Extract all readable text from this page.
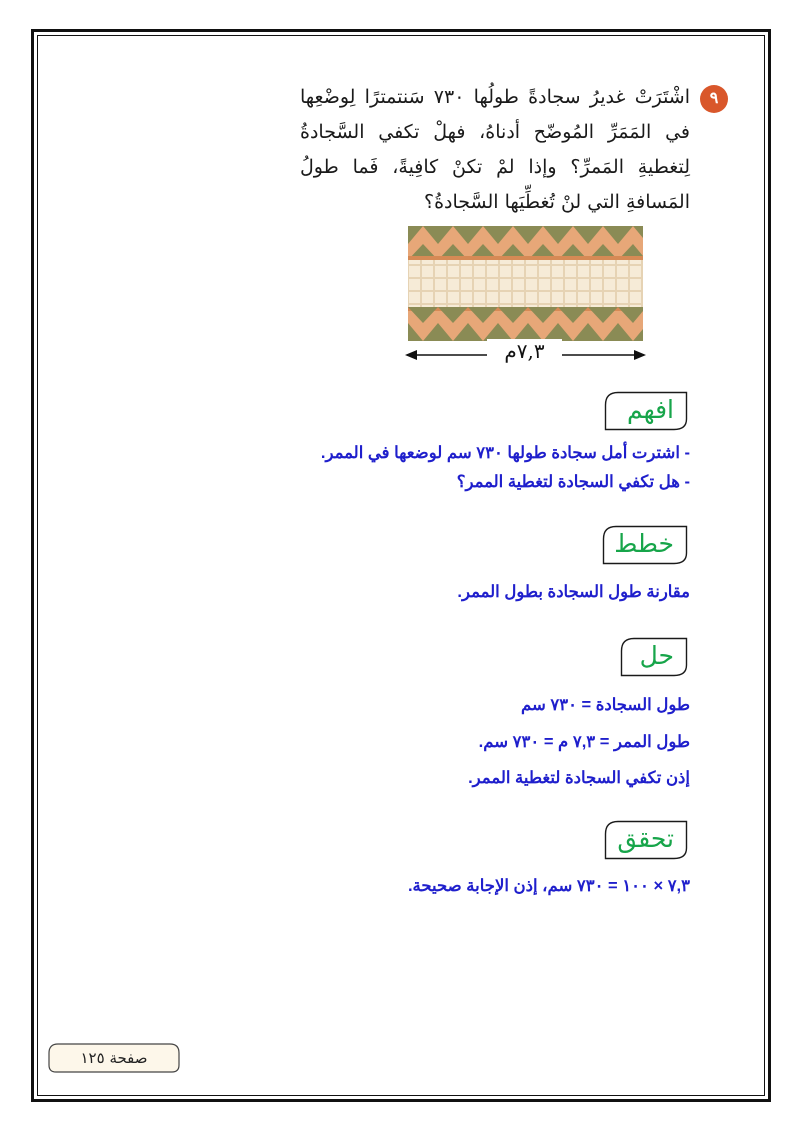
٩
اشْتَرَتْ غديرُ سجادةً طولُها ٧٣٠ سَنتمترًا لِوضْعِها في المَمَرِّ المُوضّح أدناهُ، فهلْ تكفي السَّجادةُ لِتغطيةِ المَمرِّ؟ وإذا لمْ تكنْ كافِيةً، فَما طولُ المَسافةِ التي لنْ تُغطِّيَها السَّجادةُ؟
٧,٣م
افهم
- اشترت أمل سجادة طولها ٧٣٠ سم لوضعها في الممر.
- هل تكفي السجادة لتغطية الممر؟
خطط
مقارنة طول السجادة بطول الممر.
حل
طول السجادة = ٧٣٠ سم
طول الممر = ٧,٣ م = ٧٣٠ سم.
إذن تكفي السجادة لتغطية الممر.
تحقق
٧,٣ × ١٠٠ = ٧٣٠ سم، إذن الإجابة صحيحة.
صفحة ١٢٥
